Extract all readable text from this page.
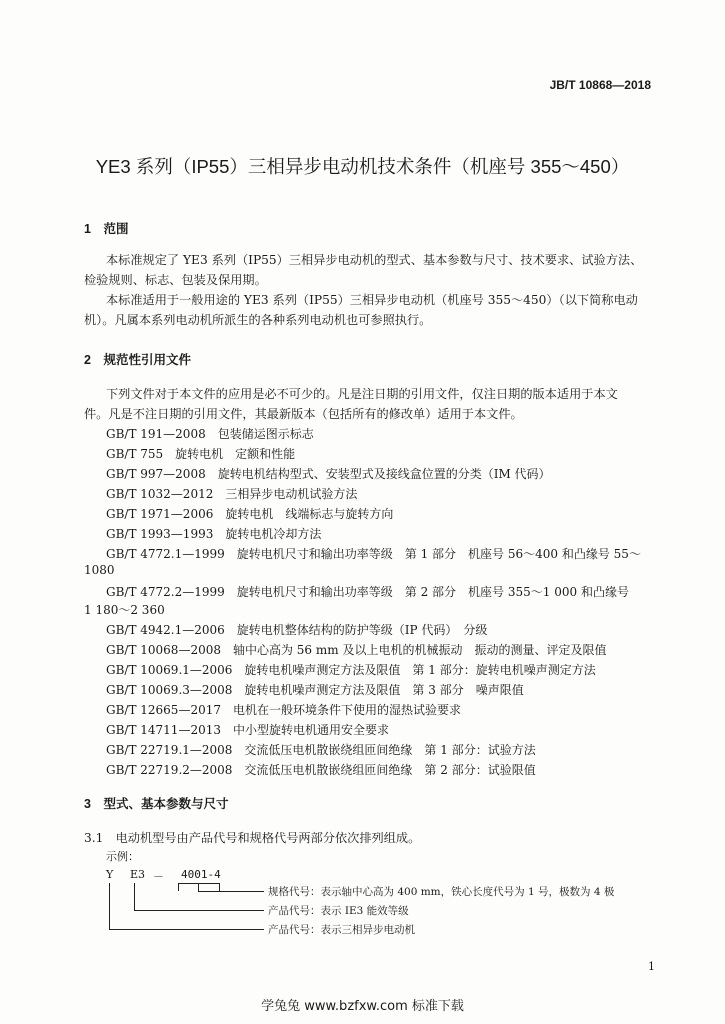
JB/T 10868—2018
YE3 系列（IP55）三相异步电动机技术条件（机座号 355～450）
1　范围
本标准规定了 YE3 系列（IP55）三相异步电动机的型式、基本参数与尺寸、技术要求、试验方法、
检验规则、标志、包装及保用期。
本标准适用于一般用途的 YE3 系列（IP55）三相异步电动机（机座号 355～450）（以下简称电动
机）。凡属本系列电动机所派生的各种系列电动机也可参照执行。
2　规范性引用文件
下列文件对于本文件的应用是必不可少的。凡是注日期的引用文件，仅注日期的版本适用于本文
件。凡是不注日期的引用文件，其最新版本（包括所有的修改单）适用于本文件。
GB/T 191—2008　包装储运图示标志
GB/T 755　旋转电机　定额和性能
GB/T 997—2008　旋转电机结构型式、安装型式及接线盒位置的分类（IM 代码）
GB/T 1032—2012　三相异步电动机试验方法
GB/T 1971—2006　旋转电机　线端标志与旋转方向
GB/T 1993—1993　旋转电机冷却方法
GB/T 4772.1—1999　旋转电机尺寸和输出功率等级　第 1 部分　机座号 56～400 和凸缘号 55～
1080
GB/T 4772.2—1999　旋转电机尺寸和输出功率等级　第 2 部分　机座号 355～1 000 和凸缘号
1 180～2 360
GB/T 4942.1—2006　旋转电机整体结构的防护等级（IP 代码）　分级
GB/T 10068—2008　轴中心高为 56 mm 及以上电机的机械振动　振动的测量、评定及限值
GB/T 10069.1—2006　旋转电机噪声测定方法及限值　第 1 部分：旋转电机噪声测定方法
GB/T 10069.3—2008　旋转电机噪声测定方法及限值　第 3 部分　噪声限值
GB/T 12665—2017　电机在一般环境条件下使用的湿热试验要求
GB/T 14711—2013　中小型旋转电机通用安全要求
GB/T 22719.1—2008　交流低压电机散嵌绕组匝间绝缘　第 1 部分：试验方法
GB/T 22719.2—2008　交流低压电机散嵌绕组匝间绝缘　第 2 部分：试验限值
3　型式、基本参数与尺寸
3.1　电动机型号由产品代号和规格代号两部分依次排列组成。
示例：
Y E3 － 4001-4
规格代号：表示轴中心高为 400 mm，铁心长度代号为 1 号，极数为 4 极
产品代号：表示 IE3 能效等级
产品代号：表示三相异步电动机
1
学兔兔 www.bzfxw.com 标准下载
